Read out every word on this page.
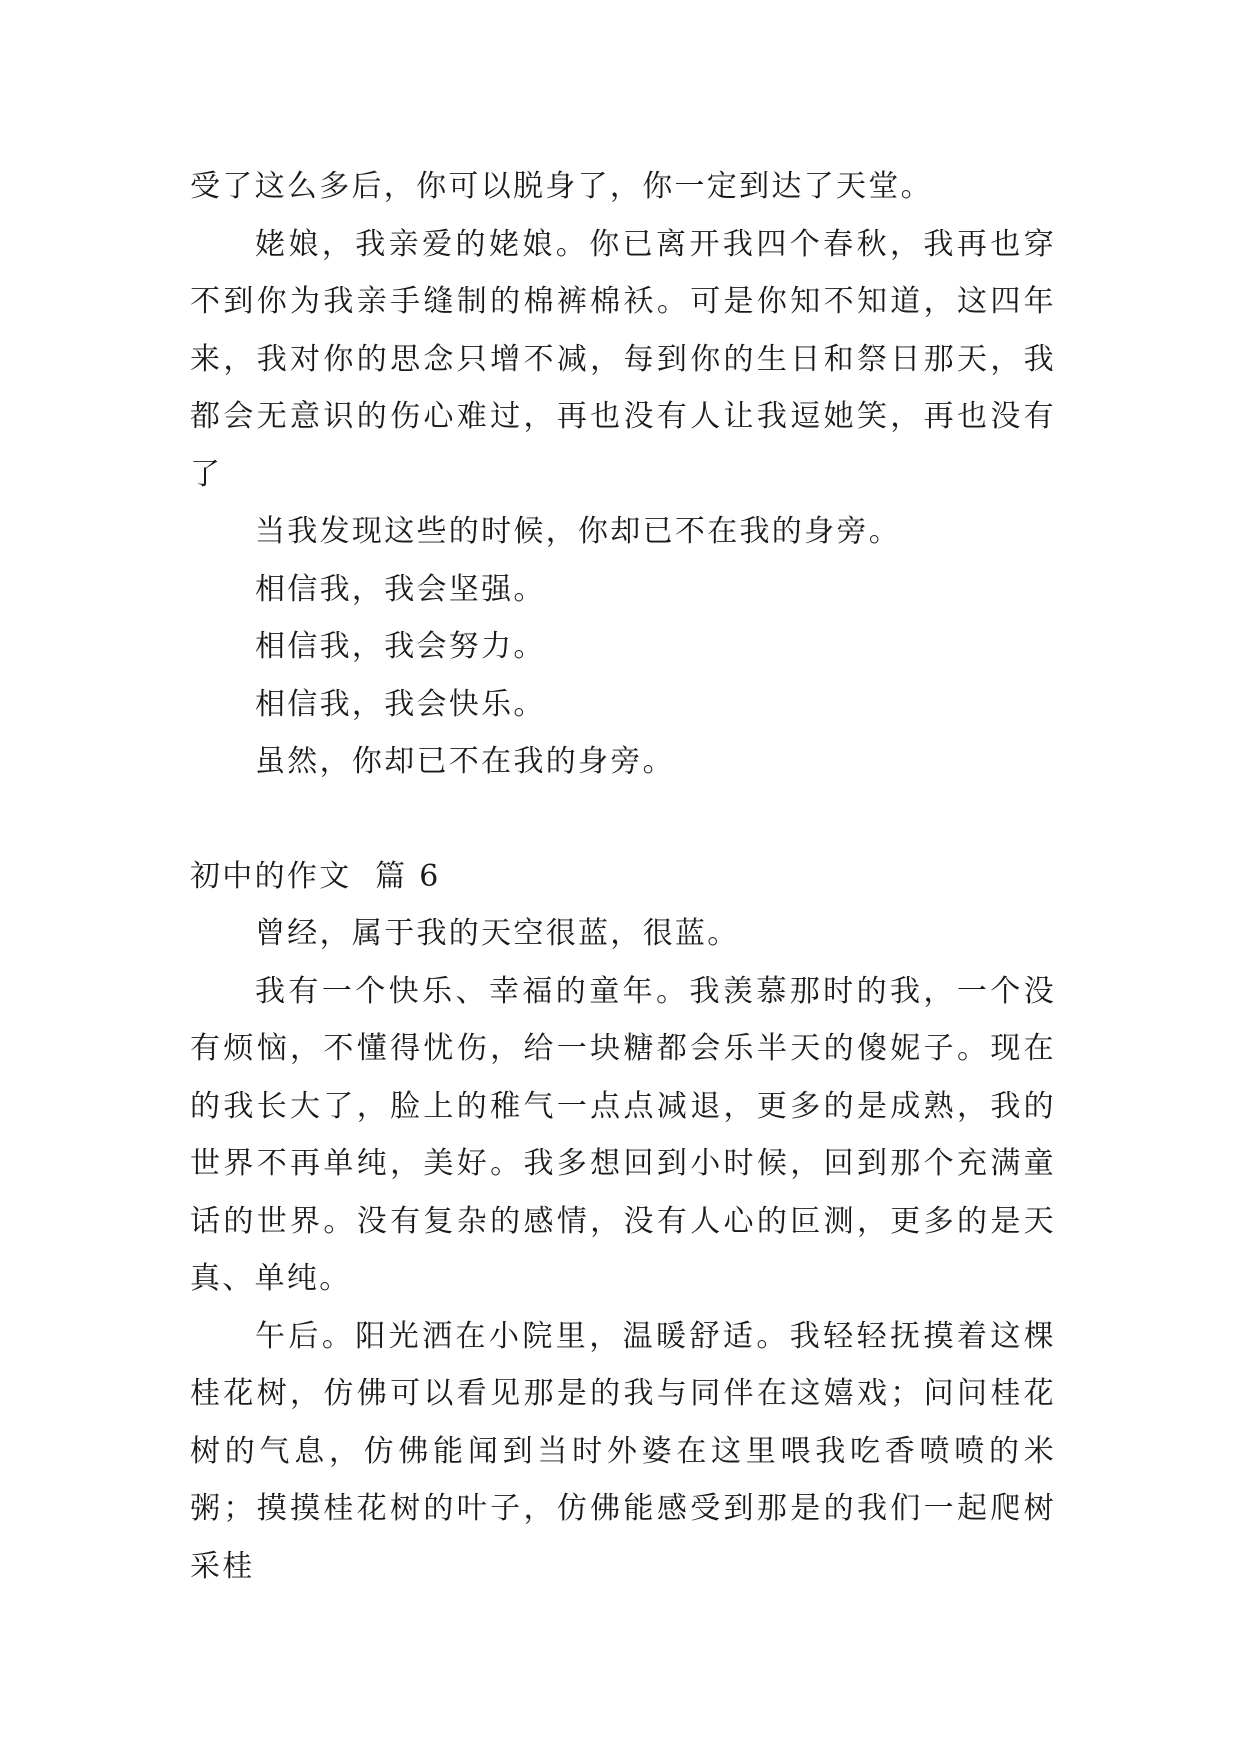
受了这么多后，你可以脱身了，你一定到达了天堂。

姥娘，我亲爱的姥娘。你已离开我四个春秋，我再也穿不到你为我亲手缝制的棉裤棉袄。可是你知不知道，这四年来，我对你的思念只增不减，每到你的生日和祭日那天，我都会无意识的伤心难过，再也没有人让我逗她笑，再也没有了

当我发现这些的时候，你却已不在我的身旁。

相信我，我会坚强。

相信我，我会努力。

相信我，我会快乐。

虽然，你却已不在我的身旁。

初中的作文  篇 6

曾经，属于我的天空很蓝，很蓝。

我有一个快乐、幸福的童年。我羡慕那时的我，一个没有烦恼，不懂得忧伤，给一块糖都会乐半天的傻妮子。现在的我长大了，脸上的稚气一点点减退，更多的是成熟，我的世界不再单纯，美好。我多想回到小时候，回到那个充满童话的世界。没有复杂的感情，没有人心的叵测，更多的是天真、单纯。

午后。阳光洒在小院里，温暖舒适。我轻轻抚摸着这棵桂花树，仿佛可以看见那是的我与同伴在这嬉戏；问问桂花树的气息，仿佛能闻到当时外婆在这里喂我吃香喷喷的米粥；摸摸桂花树的叶子，仿佛能感受到那是的我们一起爬树采桂
